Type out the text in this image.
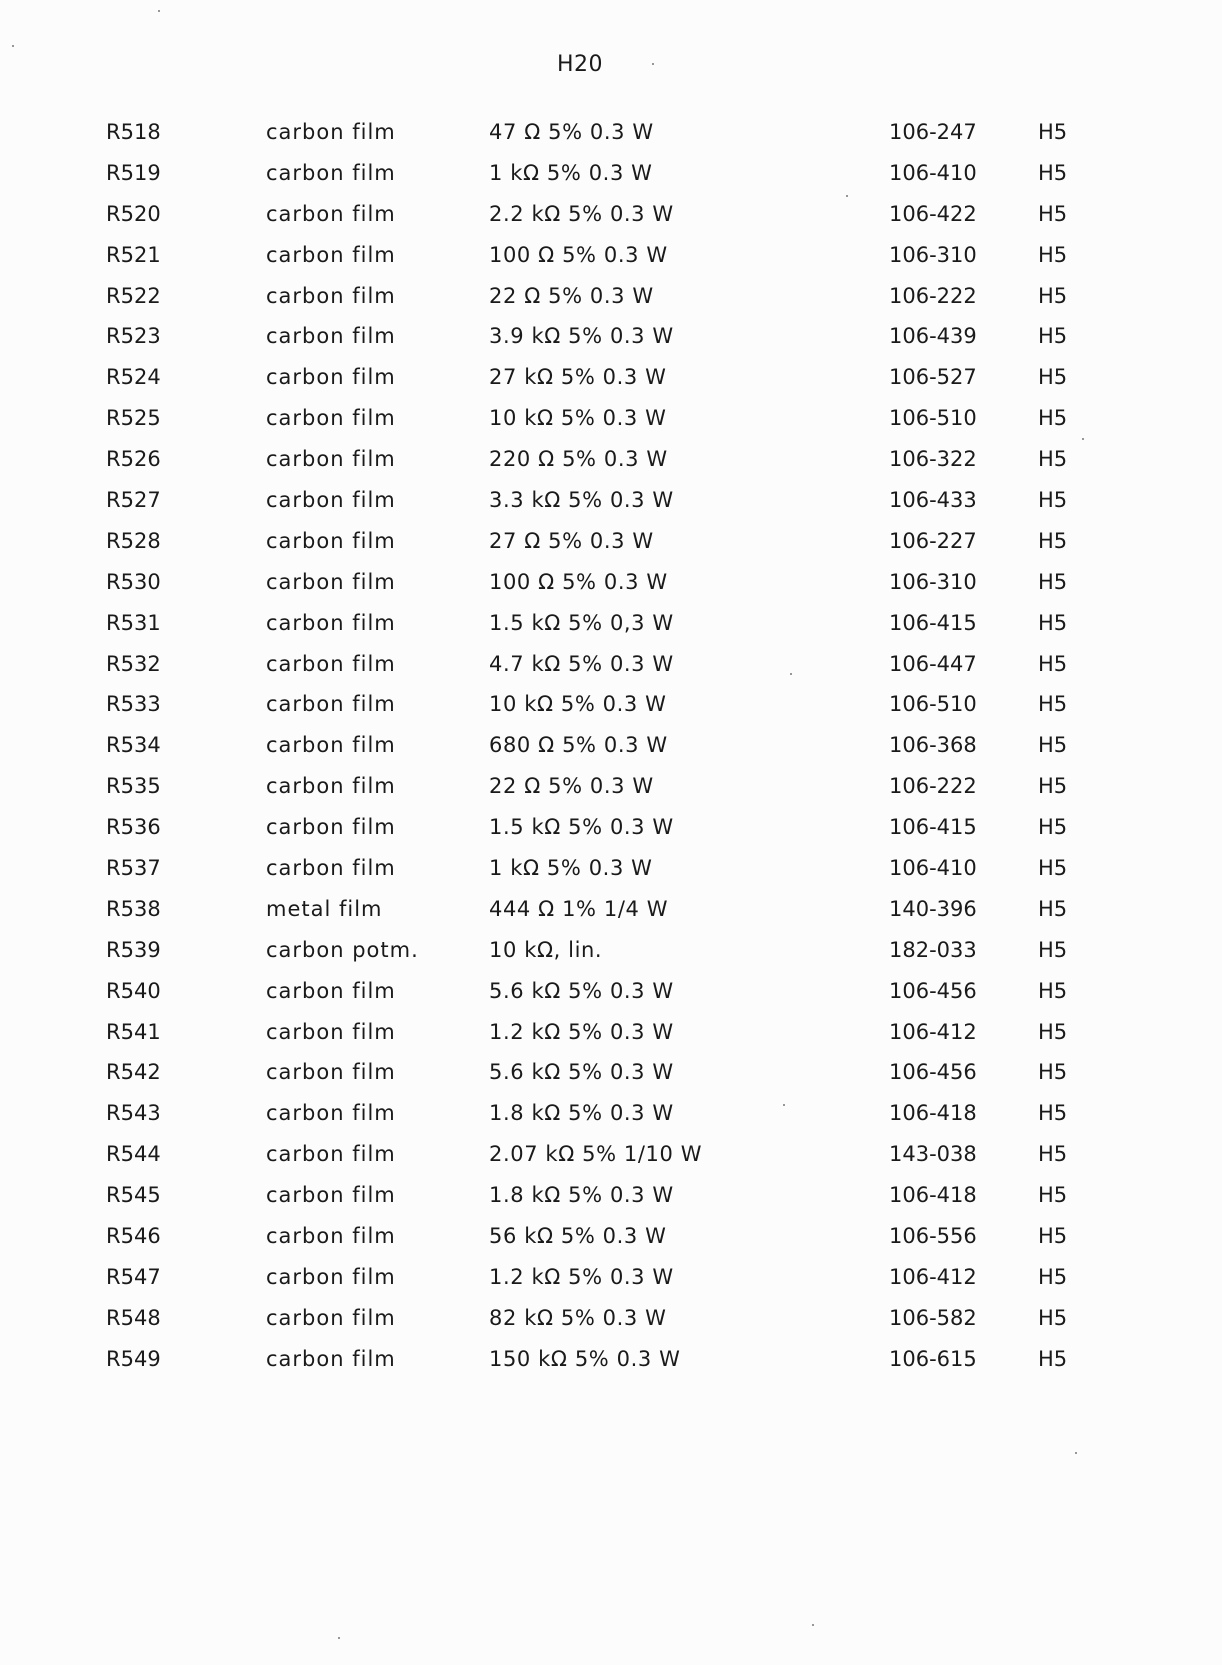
H20
R518	carbon film	47 Ω 5% 0.3 W	106-247	H5
R519	carbon film	1 kΩ 5% 0.3 W	106-410	H5
R520	carbon film	2.2 kΩ 5% 0.3 W	106-422	H5
R521	carbon film	100 Ω 5% 0.3 W	106-310	H5
R522	carbon film	22 Ω 5% 0.3 W	106-222	H5
R523	carbon film	3.9 kΩ 5% 0.3 W	106-439	H5
R524	carbon film	27 kΩ 5% 0.3 W	106-527	H5
R525	carbon film	10 kΩ 5% 0.3 W	106-510	H5
R526	carbon film	220 Ω 5% 0.3 W	106-322	H5
R527	carbon film	3.3 kΩ 5% 0.3 W	106-433	H5
R528	carbon film	27 Ω 5% 0.3 W	106-227	H5
R530	carbon film	100 Ω 5% 0.3 W	106-310	H5
R531	carbon film	1.5 kΩ 5% 0,3 W	106-415	H5
R532	carbon film	4.7 kΩ 5% 0.3 W	106-447	H5
R533	carbon film	10 kΩ 5% 0.3 W	106-510	H5
R534	carbon film	680 Ω 5% 0.3 W	106-368	H5
R535	carbon film	22 Ω 5% 0.3 W	106-222	H5
R536	carbon film	1.5 kΩ 5% 0.3 W	106-415	H5
R537	carbon film	1 kΩ 5% 0.3 W	106-410	H5
R538	metal film	444 Ω 1% 1/4 W	140-396	H5
R539	carbon potm.	10 kΩ, lin.	182-033	H5
R540	carbon film	5.6 kΩ 5% 0.3 W	106-456	H5
R541	carbon film	1.2 kΩ 5% 0.3 W	106-412	H5
R542	carbon film	5.6 kΩ 5% 0.3 W	106-456	H5
R543	carbon film	1.8 kΩ 5% 0.3 W	106-418	H5
R544	carbon film	2.07 kΩ 5% 1/10 W	143-038	H5
R545	carbon film	1.8 kΩ 5% 0.3 W	106-418	H5
R546	carbon film	56 kΩ 5% 0.3 W	106-556	H5
R547	carbon film	1.2 kΩ 5% 0.3 W	106-412	H5
R548	carbon film	82 kΩ 5% 0.3 W	106-582	H5
R549	carbon film	150 kΩ 5% 0.3 W	106-615	H5
